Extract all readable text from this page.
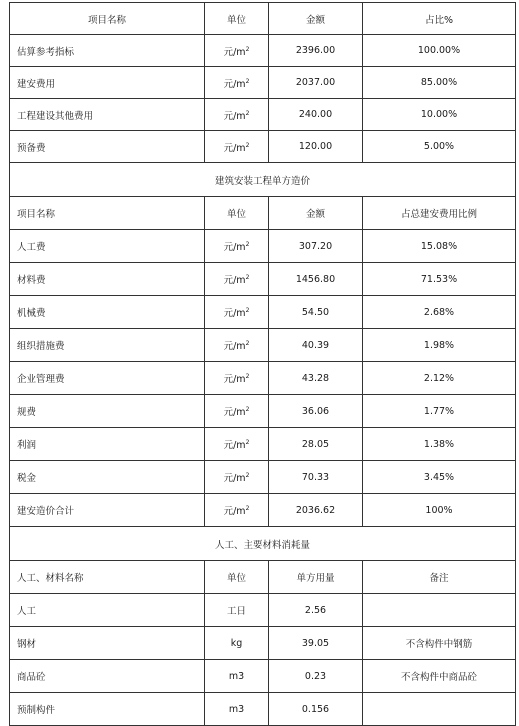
项目名称	单位	金额	占比%
估算参考指标	元$/m^2$	2396.00	100.00%
建安费用	元$/m^2$	2037.00	85.00%
工程建设其他费用	元$/m^2$	240.00	10.00%
预备费	元$/m^2$	120.00	5.00%
建筑安装工程单方造价			
项目名称	单位	金额	占总建安费用比例
人工费	元$/m^2$	307.20	15.08%
材料费	元$/m^2$	1456.80	71.53%
机械费	元$/m^2$	54.50	2.68%
组织措施费	元$/m^2$	40.39	1.98%
企业管理费	元$/m^2$	43.28	2.12%
规费	元$/m^2$	36.06	1.77%
利润	元$/m^2$	28.05	1.38%
税金	元$/m^2$	70.33	3.45%
建安造价合计	元$/m^2$	2036.62	100%
人工、主要材料消耗量			
人工、材料名称	单位	单方用量	备注
人工	工日	2.56	
钢材	kg	39.05	不含构件中钢筋
商品砼	m3	0.23	不含构件中商品砼
预制构件	m3	0.156	
